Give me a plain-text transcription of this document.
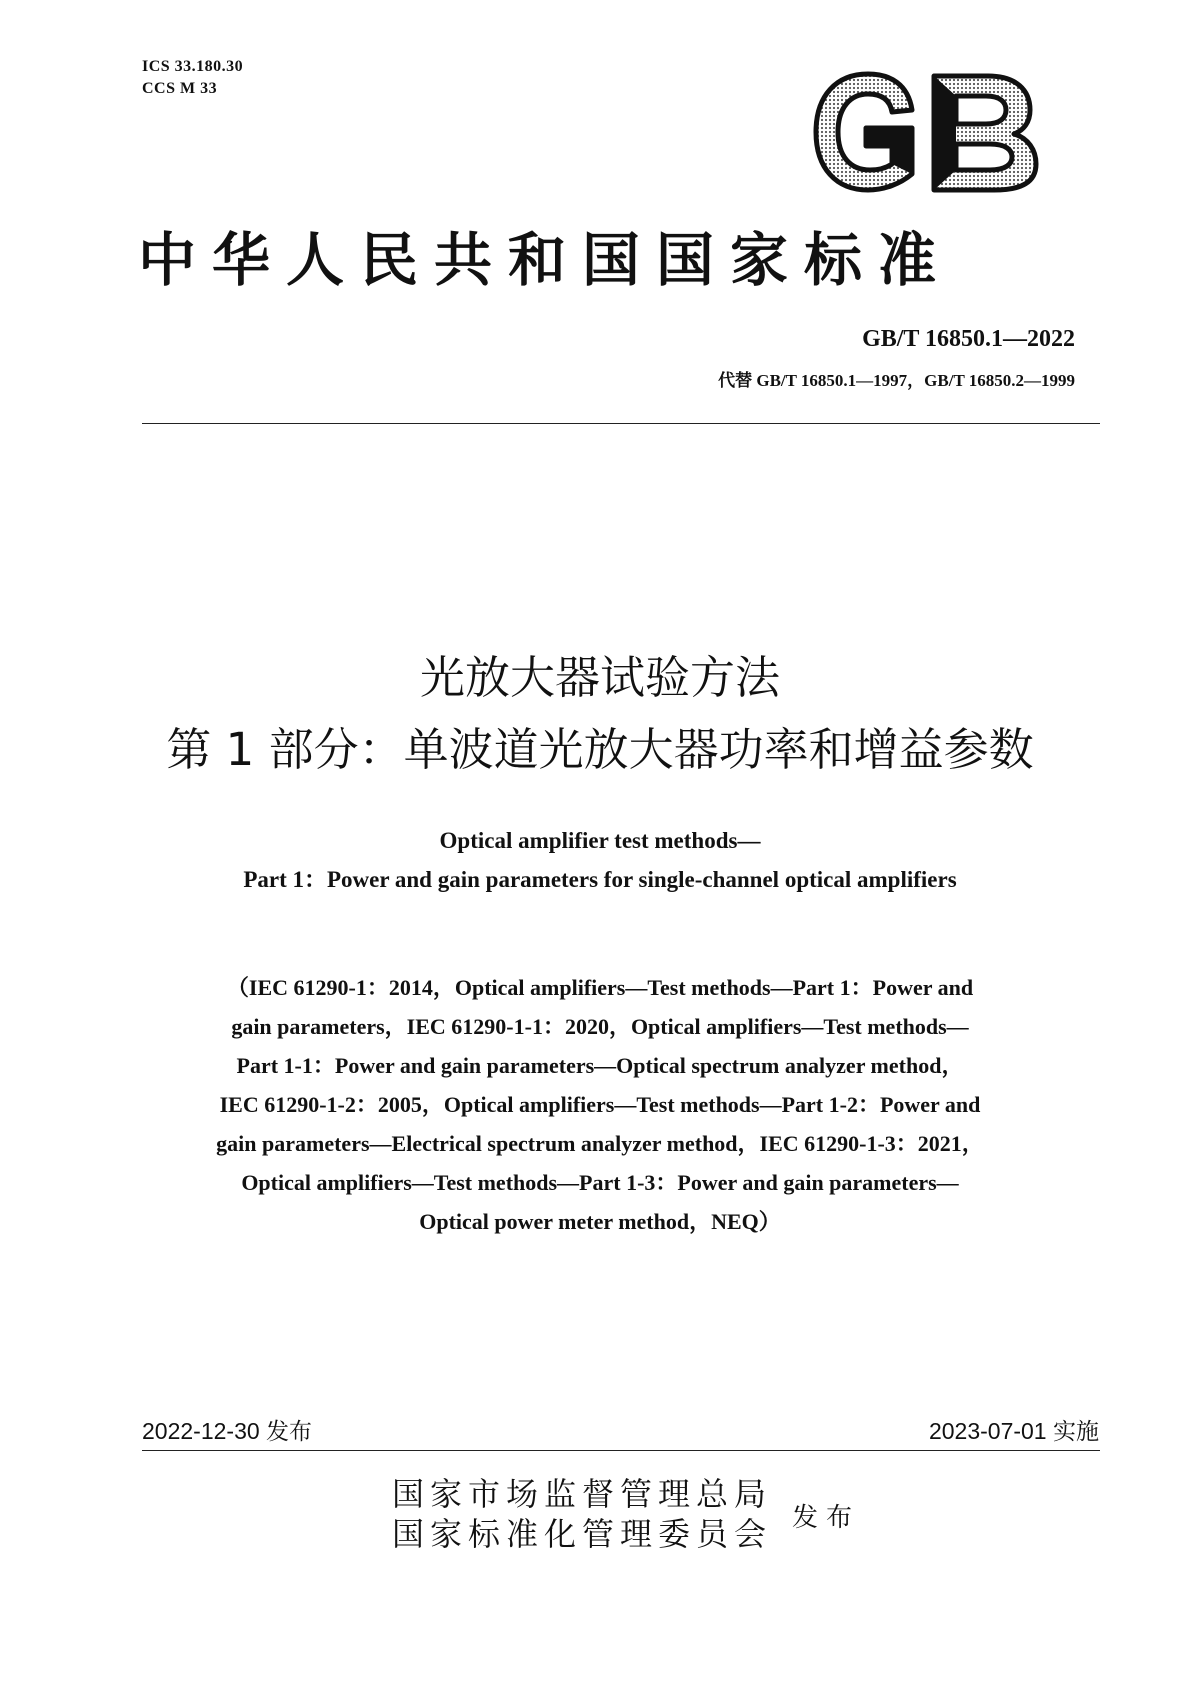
ICS 33.180.30
CCS M 33
GB
中华人民共和国国家标准
GB/T 16850.1—2022
代替 GB/T 16850.1—1997，GB/T 16850.2—1999
光放大器试验方法
第 1 部分：单波道光放大器功率和增益参数
Optical amplifier test methods—
Part 1：Power and gain parameters for single-channel optical amplifiers
（IEC 61290-1：2014，Optical amplifiers—Test methods—Part 1：Power and
gain parameters，IEC 61290-1-1：2020，Optical amplifiers—Test methods—
Part 1-1：Power and gain parameters—Optical spectrum analyzer method，
IEC 61290-1-2：2005，Optical amplifiers—Test methods—Part 1-2：Power and
gain parameters—Electrical spectrum analyzer method，IEC 61290-1-3：2021，
Optical amplifiers—Test methods—Part 1-3：Power and gain parameters—
Optical power meter method，NEQ）
2022-12-30 发布	2023-07-01 实施
国家市场监督管理总局
国家标准化管理委员会 发布
